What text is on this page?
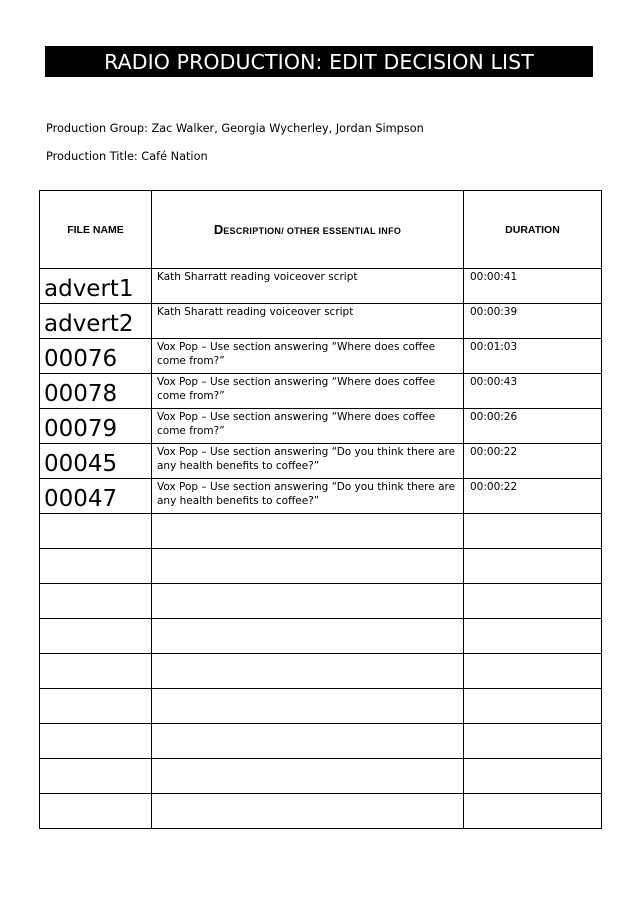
RADIO PRODUCTION: EDIT DECISION LIST
Production Group: Zac Walker, Georgia Wycherley, Jordan Simpson
Production Title: Café Nation
FILE NAME	DESCRIPTION/ OTHER ESSENTIAL INFO	DURATION

advert1	Kath Sharratt reading voiceover script	00:00:41

advert2	Kath Sharatt reading voiceover script	00:00:39

00076	Vox Pop – Use section answering “Where does coffee come from?”	00:01:03

00078	Vox Pop – Use section answering “Where does coffee come from?”	00:00:43

00079	Vox Pop – Use section answering “Where does coffee come from?”	00:00:26

00045	Vox Pop – Use section answering “Do you think there are any health benefits to coffee?”	00:00:22

00047	Vox Pop – Use section answering “Do you think there are any health benefits to coffee?”	00:00:22
